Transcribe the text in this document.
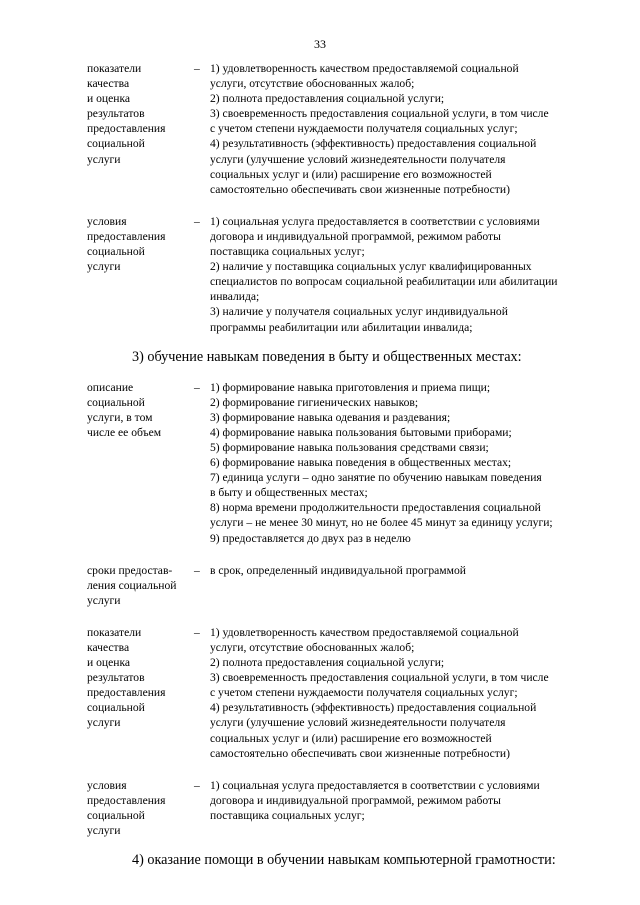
33
показатели
качества
и оценка
результатов
предоставления
социальной
услуги
– 1) удовлетворенность качеством предоставляемой социальной
услуги, отсутствие обоснованных жалоб;
2) полнота предоставления социальной услуги;
3) своевременность предоставления социальной услуги, в том числе
с учетом степени нуждаемости получателя социальных услуг;
4) результативность (эффективность) предоставления социальной
услуги (улучшение условий жизнедеятельности получателя
социальных услуг и (или) расширение его возможностей
самостоятельно обеспечивать свои жизненные потребности)
условия
предоставления
социальной
услуги
– 1) социальная услуга предоставляется в соответствии с условиями
договора и индивидуальной программой, режимом работы
поставщика социальных услуг;
2) наличие у поставщика социальных услуг квалифицированных
специалистов по вопросам социальной реабилитации или абилитации
инвалида;
3) наличие у получателя социальных услуг индивидуальной
программы реабилитации или абилитации инвалида;
3) обучение навыкам поведения в быту и общественных местах:
описание
социальной
услуги, в том
числе ее объем
– 1) формирование навыка приготовления и приема пищи;
2) формирование гигиенических навыков;
3) формирование навыка одевания и раздевания;
4) формирование навыка пользования бытовыми приборами;
5) формирование навыка пользования средствами связи;
6) формирование навыка поведения в общественных местах;
7) единица услуги – одно занятие по обучению навыкам поведения
в быту и общественных местах;
8) норма времени продолжительности предоставления социальной
услуги – не менее 30 минут, но не более 45 минут за единицу услуги;
9) предоставляется до двух раз в неделю
сроки предостав-
ления социальной
услуги
– в срок, определенный индивидуальной программой
показатели
качества
и оценка
результатов
предоставления
социальной
услуги
– 1) удовлетворенность качеством предоставляемой социальной
услуги, отсутствие обоснованных жалоб;
2) полнота предоставления социальной услуги;
3) своевременность предоставления социальной услуги, в том числе
с учетом степени нуждаемости получателя социальных услуг;
4) результативность (эффективность) предоставления социальной
услуги (улучшение условий жизнедеятельности получателя
социальных услуг и (или) расширение его возможностей
самостоятельно обеспечивать свои жизненные потребности)
условия
предоставления
социальной
услуги
– 1) социальная услуга предоставляется в соответствии с условиями
договора и индивидуальной программой, режимом работы
поставщика социальных услуг;
4) оказание помощи в обучении навыкам компьютерной грамотности:
